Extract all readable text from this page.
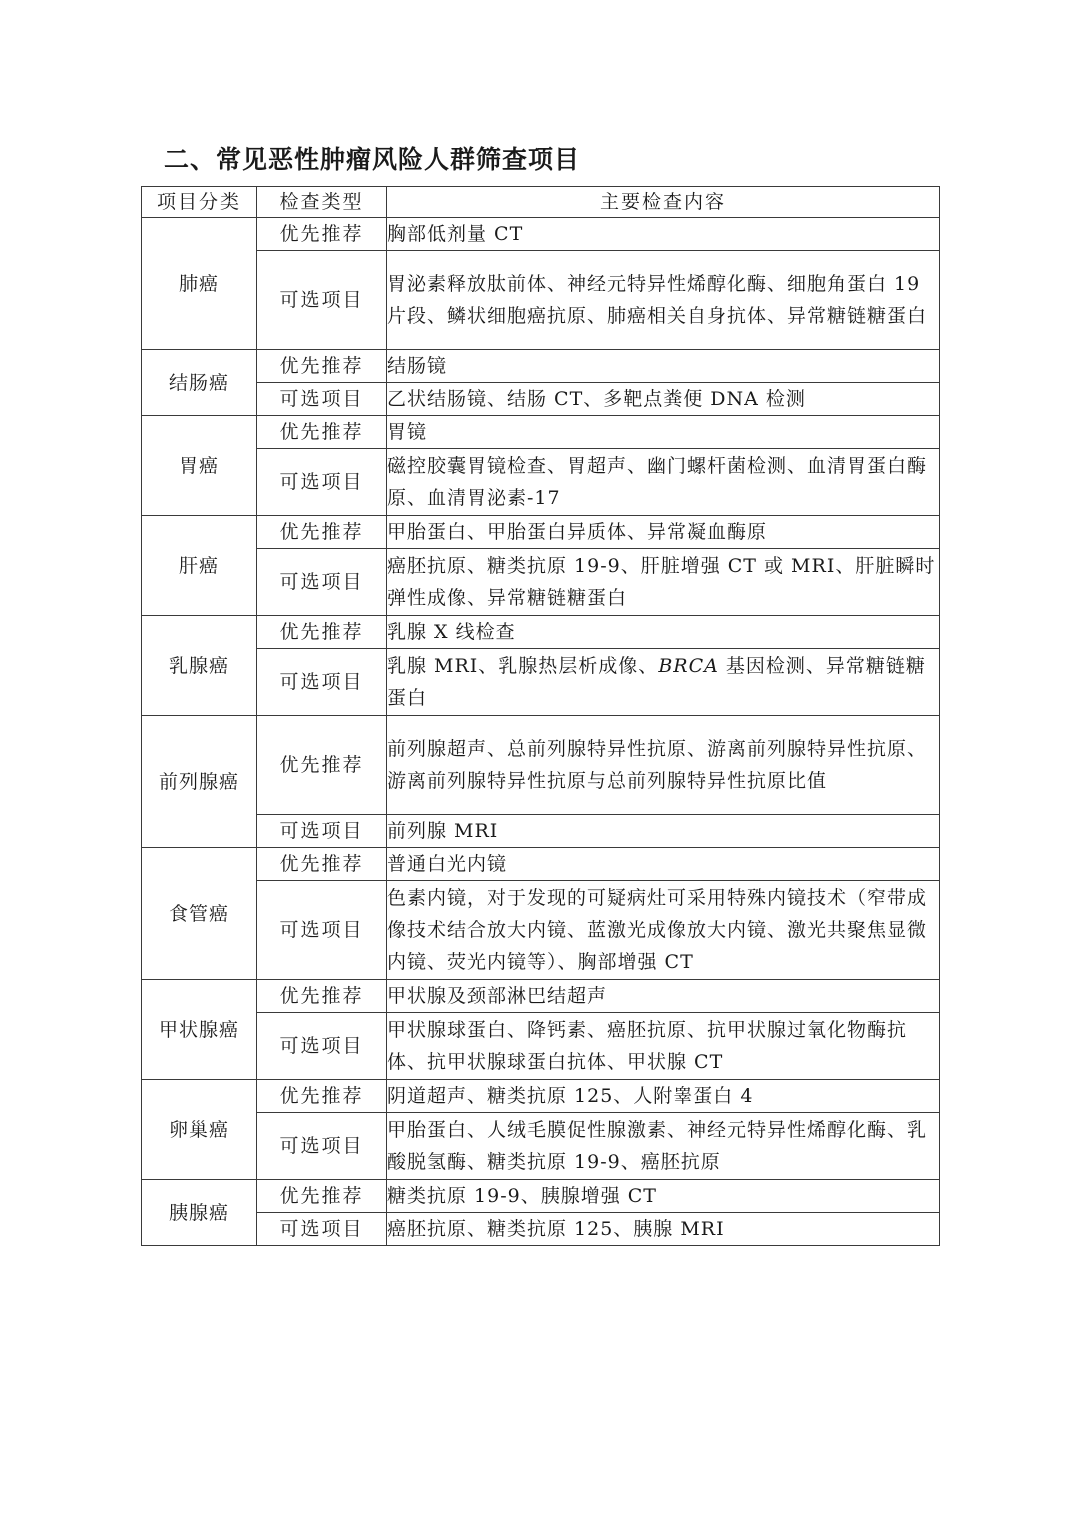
二、常见恶性肿瘤风险人群筛查项目
项目分类	检查类型	主要检查内容
肺癌	优先推荐	胸部低剂量 CT
	可选项目	胃泌素释放肽前体、神经元特异性烯醇化酶、细胞角蛋白 19 片段、鳞状细胞癌抗原、肺癌相关自身抗体、异常糖链糖蛋白
结肠癌	优先推荐	结肠镜
	可选项目	乙状结肠镜、结肠 CT、多靶点粪便 DNA 检测
胃癌	优先推荐	胃镜
	可选项目	磁控胶囊胃镜检查、胃超声、幽门螺杆菌检测、血清胃蛋白酶原、血清胃泌素-17
肝癌	优先推荐	甲胎蛋白、甲胎蛋白异质体、异常凝血酶原
	可选项目	癌胚抗原、糖类抗原 19-9、肝脏增强 CT 或 MRI、肝脏瞬时弹性成像、异常糖链糖蛋白
乳腺癌	优先推荐	乳腺 X 线检查
	可选项目	乳腺 MRI、乳腺热层析成像、BRCA 基因检测、异常糖链糖蛋白
前列腺癌	优先推荐	前列腺超声、总前列腺特异性抗原、游离前列腺特异性抗原、游离前列腺特异性抗原与总前列腺特异性抗原比值
	可选项目	前列腺 MRI
食管癌	优先推荐	普通白光内镜
	可选项目	色素内镜，对于发现的可疑病灶可采用特殊内镜技术（窄带成像技术结合放大内镜、蓝激光成像放大内镜、激光共聚焦显微内镜、荧光内镜等）、胸部增强 CT
甲状腺癌	优先推荐	甲状腺及颈部淋巴结超声
	可选项目	甲状腺球蛋白、降钙素、癌胚抗原、抗甲状腺过氧化物酶抗体、抗甲状腺球蛋白抗体、甲状腺 CT
卵巢癌	优先推荐	阴道超声、糖类抗原 125、人附睾蛋白 4
	可选项目	甲胎蛋白、人绒毛膜促性腺激素、神经元特异性烯醇化酶、乳酸脱氢酶、糖类抗原 19-9、癌胚抗原
胰腺癌	优先推荐	糖类抗原 19-9、胰腺增强 CT
	可选项目	癌胚抗原、糖类抗原 125、胰腺 MRI
